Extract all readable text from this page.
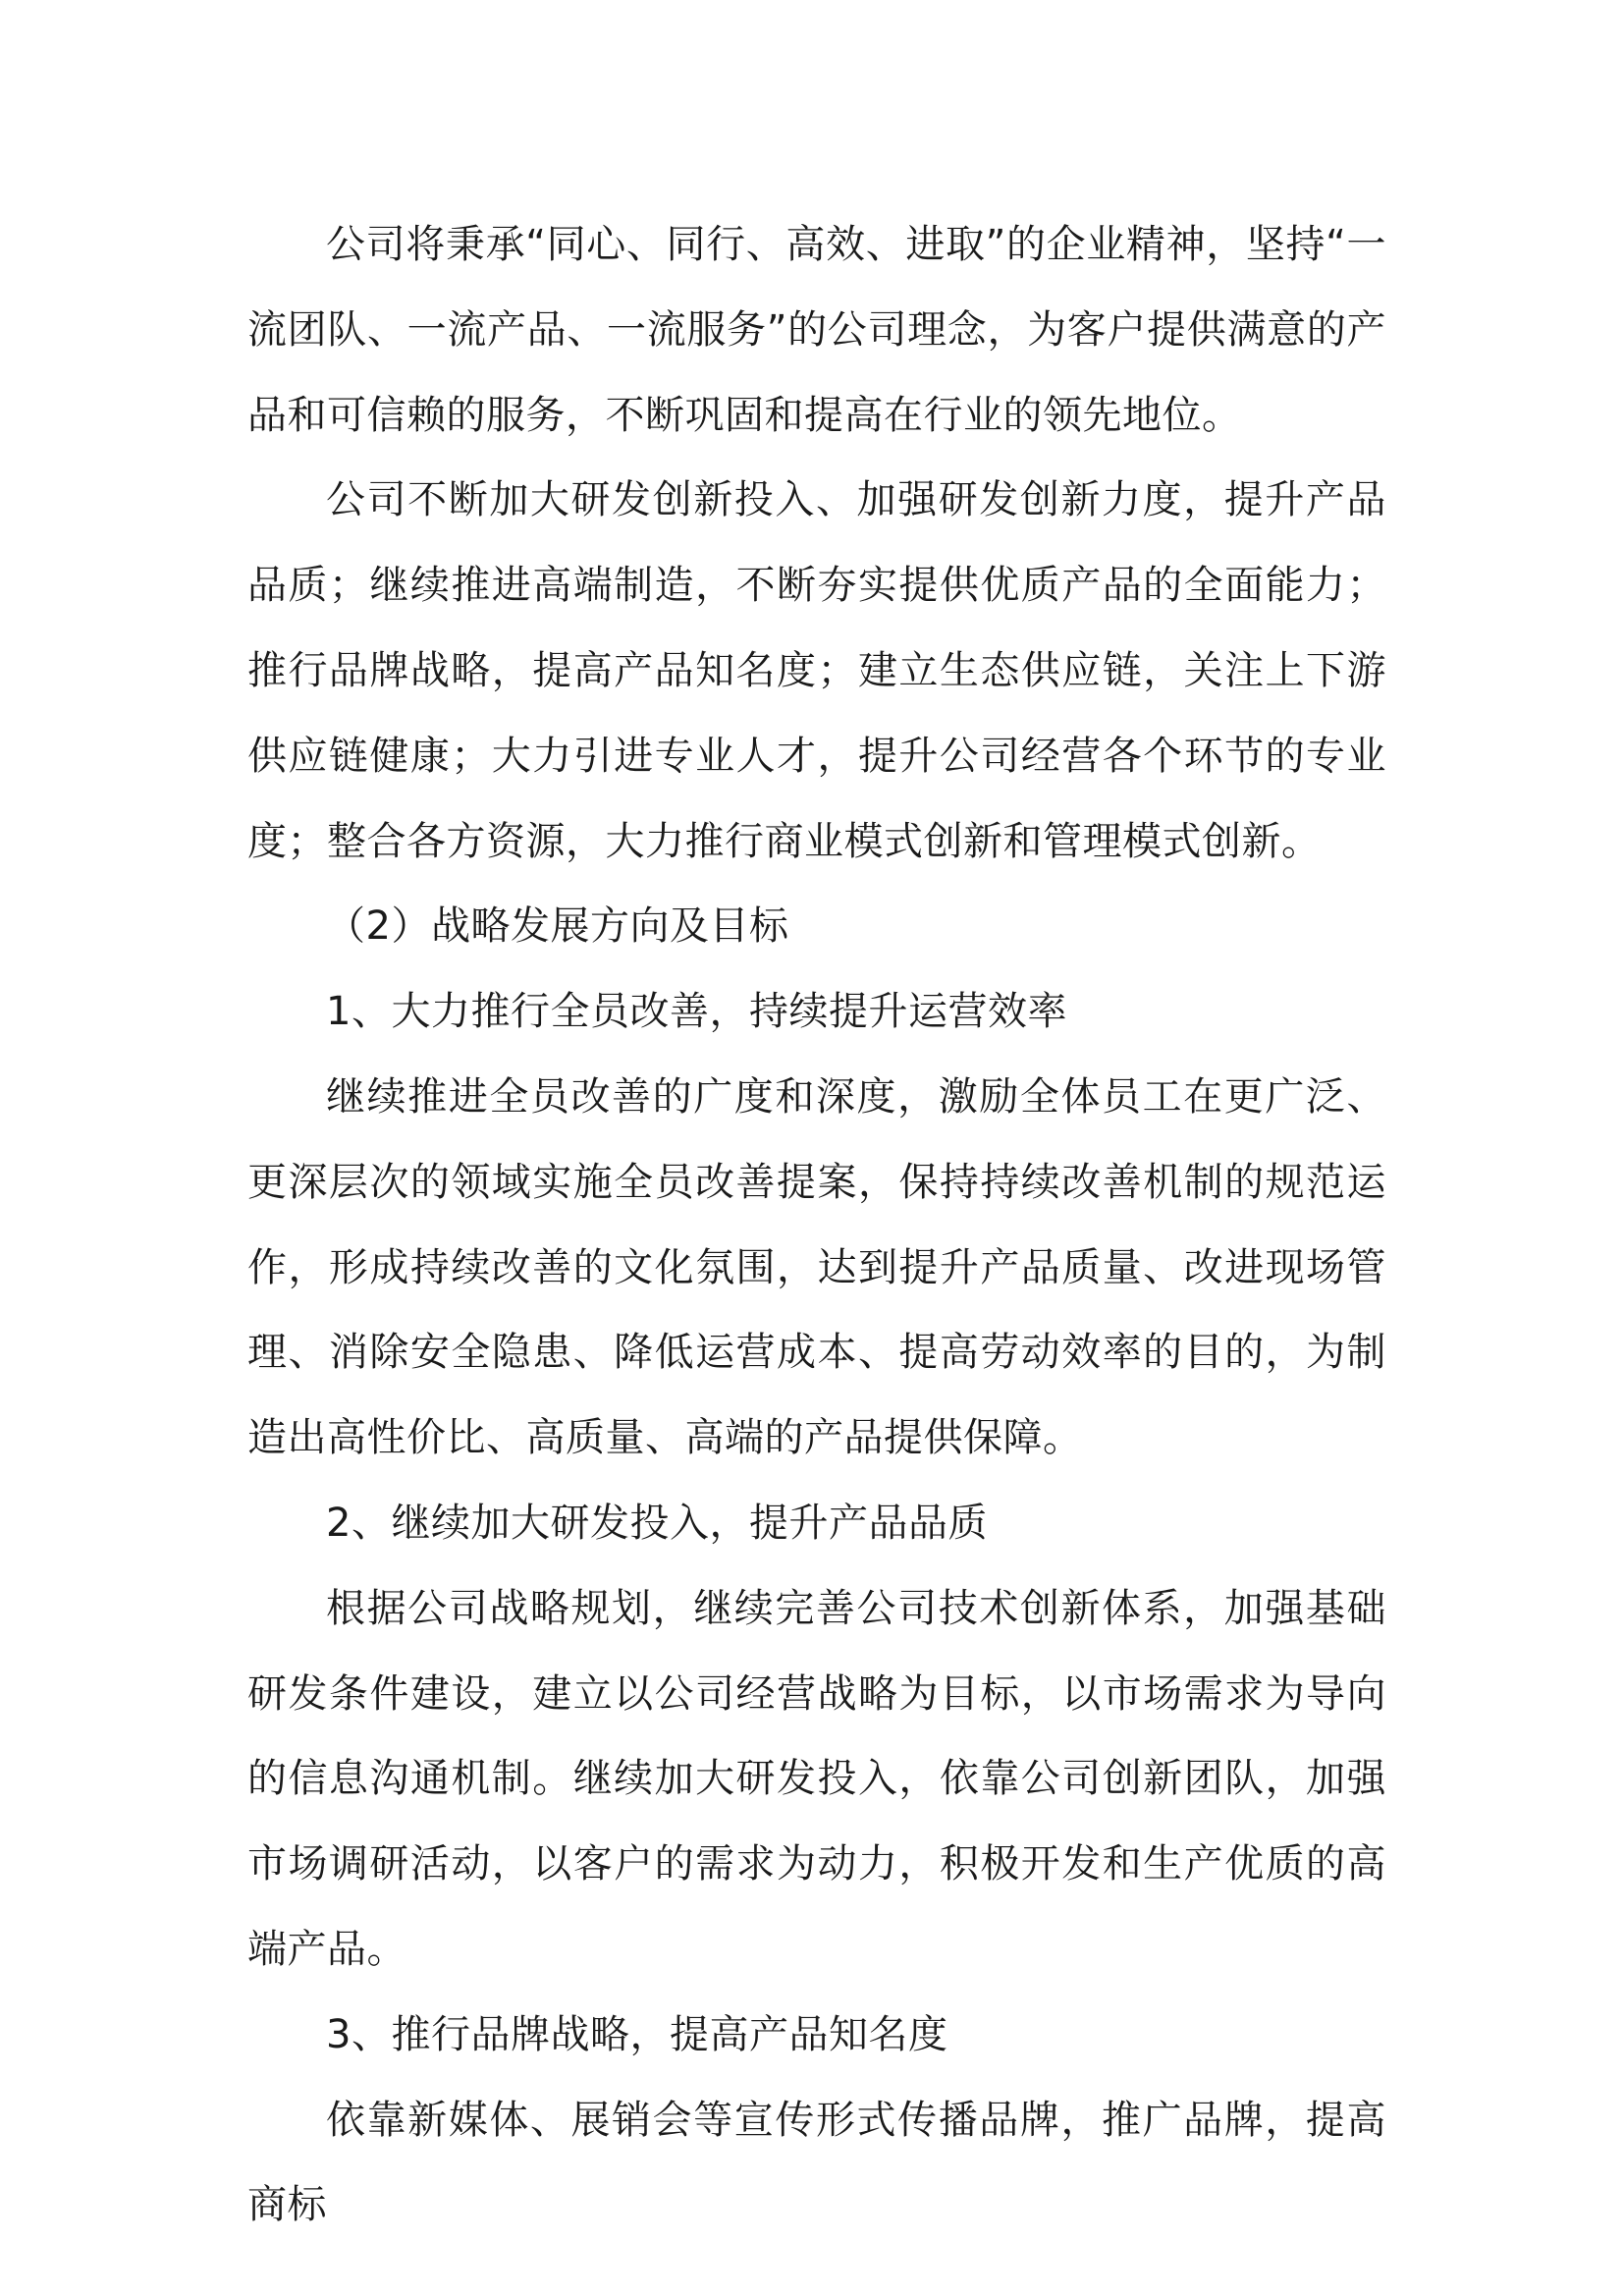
公司将秉承“同心、同行、高效、进取”的企业精神，坚持“一流团队、一流产品、一流服务”的公司理念，为客户提供满意的产品和可信赖的服务，不断巩固和提高在行业的领先地位。

公司不断加大研发创新投入、加强研发创新力度，提升产品品质；继续推进高端制造，不断夯实提供优质产品的全面能力；推行品牌战略，提高产品知名度；建立生态供应链，关注上下游供应链健康；大力引进专业人才，提升公司经营各个环节的专业度；整合各方资源，大力推行商业模式创新和管理模式创新。

（2）战略发展方向及目标

1、大力推行全员改善，持续提升运营效率

继续推进全员改善的广度和深度，激励全体员工在更广泛、更深层次的领域实施全员改善提案，保持持续改善机制的规范运作，形成持续改善的文化氛围，达到提升产品质量、改进现场管理、消除安全隐患、降低运营成本、提高劳动效率的目的，为制造出高性价比、高质量、高端的产品提供保障。

2、继续加大研发投入，提升产品品质

根据公司战略规划，继续完善公司技术创新体系，加强基础研发条件建设，建立以公司经营战略为目标，以市场需求为导向的信息沟通机制。继续加大研发投入，依靠公司创新团队，加强市场调研活动，以客户的需求为动力，积极开发和生产优质的高端产品。

3、推行品牌战略，提高产品知名度

依靠新媒体、展销会等宣传形式传播品牌，推广品牌，提高商标
